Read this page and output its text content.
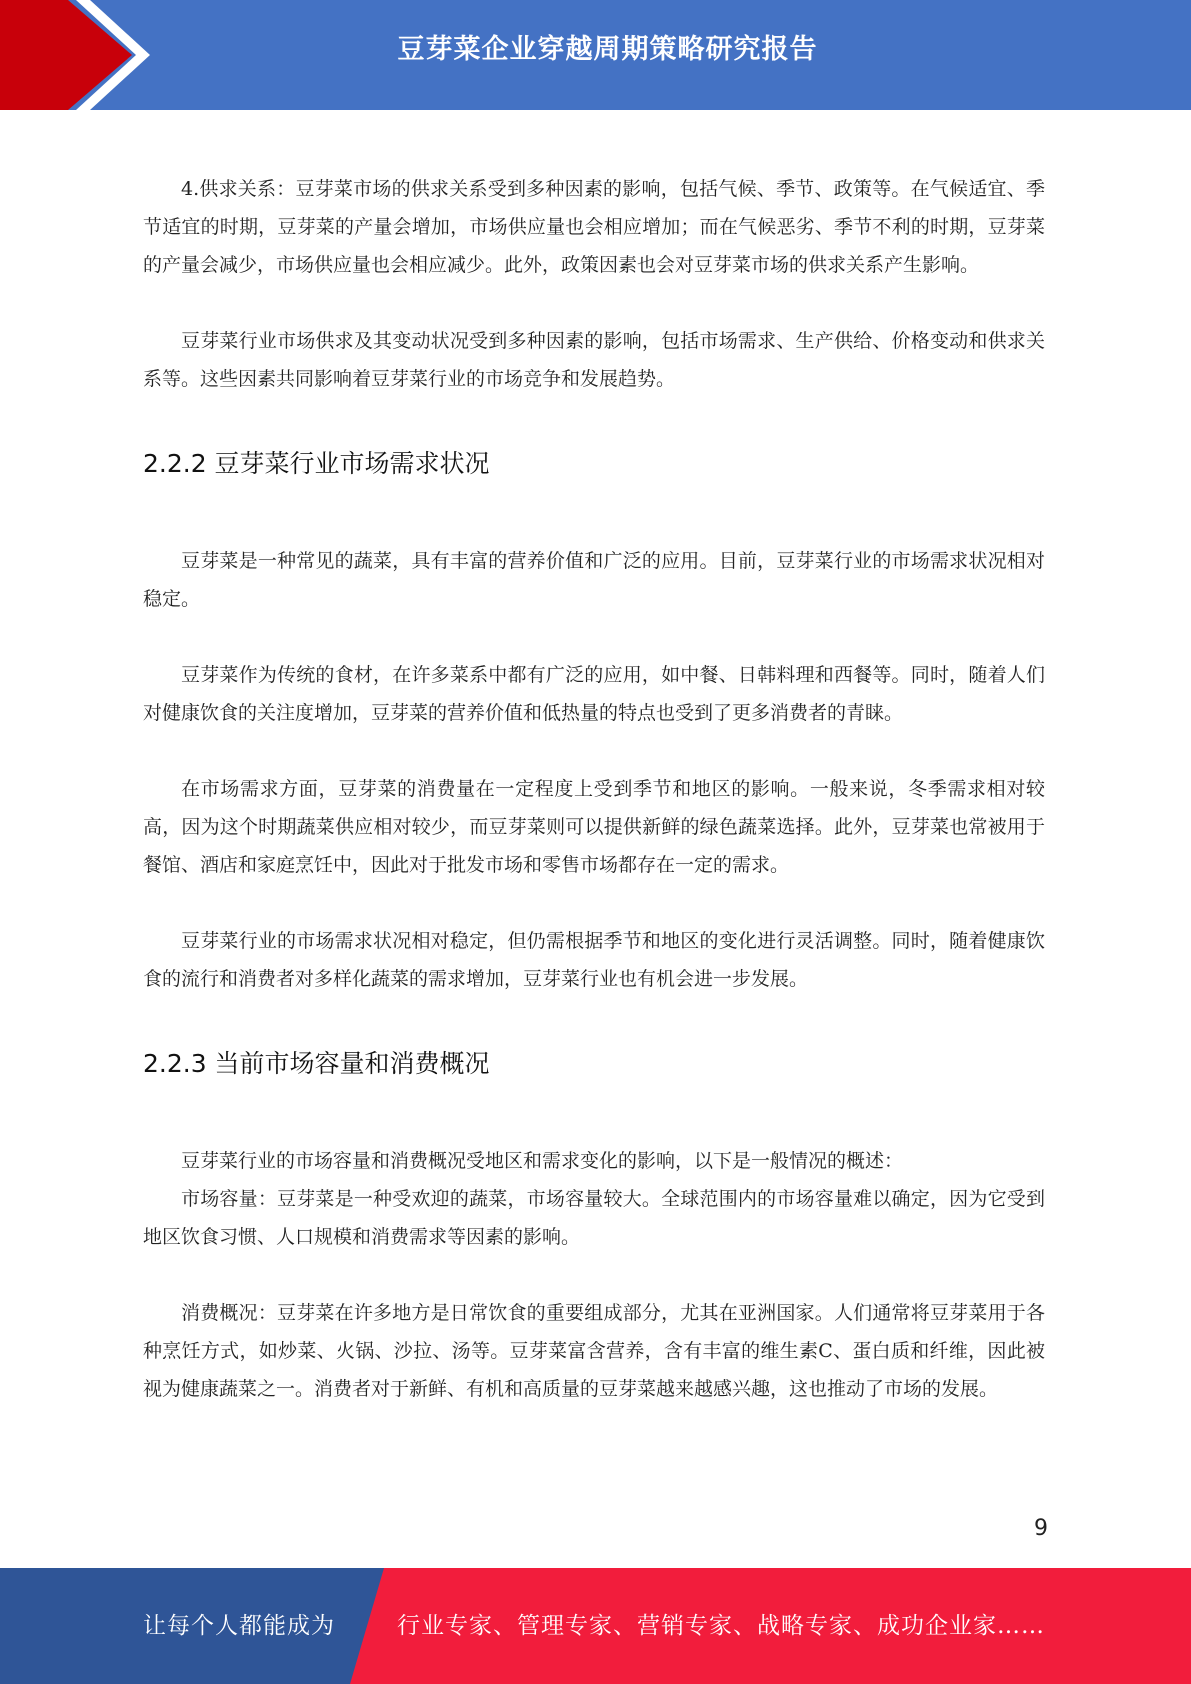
豆芽菜企业穿越周期策略研究报告

4.供求关系：豆芽菜市场的供求关系受到多种因素的影响，包括气候、季节、政策等。在气候适宜、季节适宜的时期，豆芽菜的产量会增加，市场供应量也会相应增加；而在气候恶劣、季节不利的时期，豆芽菜的产量会减少，市场供应量也会相应减少。此外，政策因素也会对豆芽菜市场的供求关系产生影响。

豆芽菜行业市场供求及其变动状况受到多种因素的影响，包括市场需求、生产供给、价格变动和供求关系等。这些因素共同影响着豆芽菜行业的市场竞争和发展趋势。

2.2.2 豆芽菜行业市场需求状况

豆芽菜是一种常见的蔬菜，具有丰富的营养价值和广泛的应用。目前，豆芽菜行业的市场需求状况相对稳定。

豆芽菜作为传统的食材，在许多菜系中都有广泛的应用，如中餐、日韩料理和西餐等。同时，随着人们对健康饮食的关注度增加，豆芽菜的营养价值和低热量的特点也受到了更多消费者的青睐。

在市场需求方面，豆芽菜的消费量在一定程度上受到季节和地区的影响。一般来说，冬季需求相对较高，因为这个时期蔬菜供应相对较少，而豆芽菜则可以提供新鲜的绿色蔬菜选择。此外，豆芽菜也常被用于餐馆、酒店和家庭烹饪中，因此对于批发市场和零售市场都存在一定的需求。

豆芽菜行业的市场需求状况相对稳定，但仍需根据季节和地区的变化进行灵活调整。同时，随着健康饮食的流行和消费者对多样化蔬菜的需求增加，豆芽菜行业也有机会进一步发展。

2.2.3 当前市场容量和消费概况

豆芽菜行业的市场容量和消费概况受地区和需求变化的影响，以下是一般情况的概述：

市场容量：豆芽菜是一种受欢迎的蔬菜，市场容量较大。全球范围内的市场容量难以确定，因为它受到地区饮食习惯、人口规模和消费需求等因素的影响。

消费概况：豆芽菜在许多地方是日常饮食的重要组成部分，尤其在亚洲国家。人们通常将豆芽菜用于各种烹饪方式，如炒菜、火锅、沙拉、汤等。豆芽菜富含营养，含有丰富的维生素C、蛋白质和纤维，因此被视为健康蔬菜之一。消费者对于新鲜、有机和高质量的豆芽菜越来越感兴趣，这也推动了市场的发展。

9
让每个人都能成为	行业专家、管理专家、营销专家、战略专家、成功企业家……
